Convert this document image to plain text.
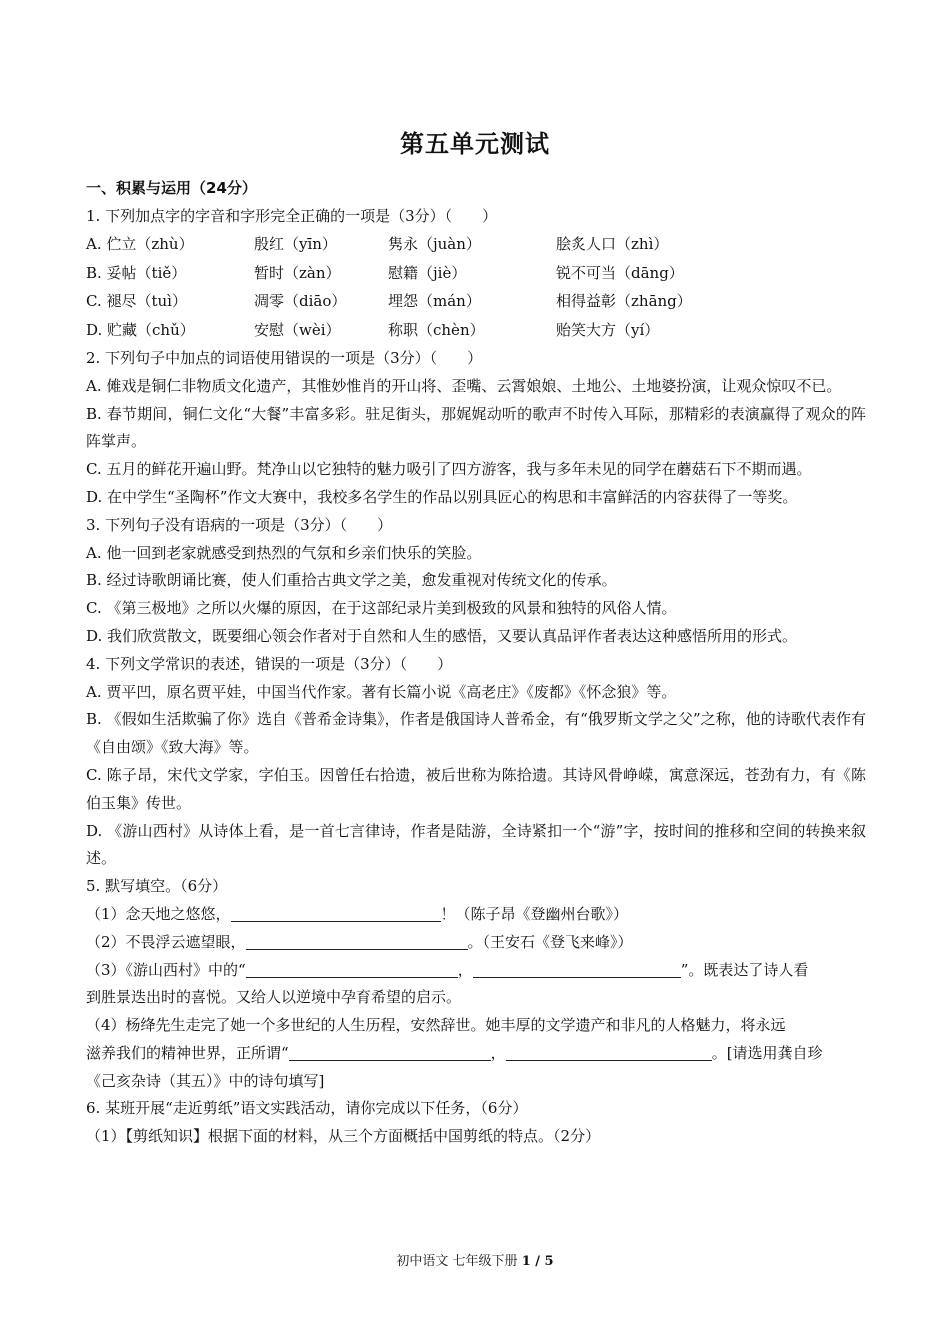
第五单元测试
一、积累与运用（24分）
1. 下列加点字的字音和字形完全正确的一项是（3分）（　　）
A. 伫立（zhù）	殷红（yīn）	隽永（juàn）	脍炙人口（zhì）
B. 妥帖（tiě）	暂时（zàn）	慰籍（jiè）	锐不可当（dāng）
C. 褪尽（tuì）	凋零（diāo）	埋怨（mán）	相得益彰（zhāng）
D. 贮藏（chǔ）	安慰（wèi）	称职（chèn）	贻笑大方（yí）
2. 下列句子中加点的词语使用错误的一项是（3分）（　　）
A. 傩戏是铜仁非物质文化遗产，其惟妙惟肖的开山将、歪嘴、云霄娘娘、土地公、土地婆扮演，让观众惊叹不已。
B. 春节期间，铜仁文化“大餐”丰富多彩。驻足街头，那娓娓动听的歌声不时传入耳际，那精彩的表演赢得了观众的阵阵掌声。
C. 五月的鲜花开遍山野。梵净山以它独特的魅力吸引了四方游客，我与多年未见的同学在蘑菇石下不期而遇。
D. 在中学生“圣陶杯”作文大赛中，我校多名学生的作品以别具匠心的构思和丰富鲜活的内容获得了一等奖。
3. 下列句子没有语病的一项是（3分）（　　）
A. 他一回到老家就感受到热烈的气氛和乡亲们快乐的笑脸。
B. 经过诗歌朗诵比赛，使人们重拾古典文学之美，愈发重视对传统文化的传承。
C. 《第三极地》之所以火爆的原因，在于这部纪录片美到极致的风景和独特的风俗人情。
D. 我们欣赏散文，既要细心领会作者对于自然和人生的感悟，又要认真品评作者表达这种感悟所用的形式。
4. 下列文学常识的表述，错误的一项是（3分）（　　）
A. 贾平凹，原名贾平娃，中国当代作家。著有长篇小说《高老庄》《废都》《怀念狼》等。
B. 《假如生活欺骗了你》选自《普希金诗集》，作者是俄国诗人普希金，有“俄罗斯文学之父”之称，他的诗歌代表作有《自由颂》《致大海》等。
C. 陈子昂，宋代文学家，字伯玉。因曾任右拾遗，被后世称为陈拾遗。其诗风骨峥嵘，寓意深远，苍劲有力，有《陈伯玉集》传世。
D. 《游山西村》从诗体上看，是一首七言律诗，作者是陆游，全诗紧扣一个“游”字，按时间的推移和空间的转换来叙述。
5. 默写填空。（6分）
（1）念天地之悠悠，	！（陈子昂《登幽州台歌》）
（2）不畏浮云遮望眼，	。（王安石《登飞来峰》）
（3）《游山西村》中的“	，	”。既表达了诗人看
到胜景迭出时的喜悦。又给人以逆境中孕育希望的启示。
（4）杨绛先生走完了她一个多世纪的人生历程，安然辞世。她丰厚的文学遗产和非凡的人格魅力，将永远
滋养我们的精神世界，正所谓“	，	。[请选用龚自珍
《己亥杂诗（其五）》中的诗句填写]
6. 某班开展“走近剪纸”语文实践活动，请你完成以下任务，（6分）
（1）【剪纸知识】根据下面的材料，从三个方面概括中国剪纸的特点。（2分）
初中语文 七年级下册 1 / 5
